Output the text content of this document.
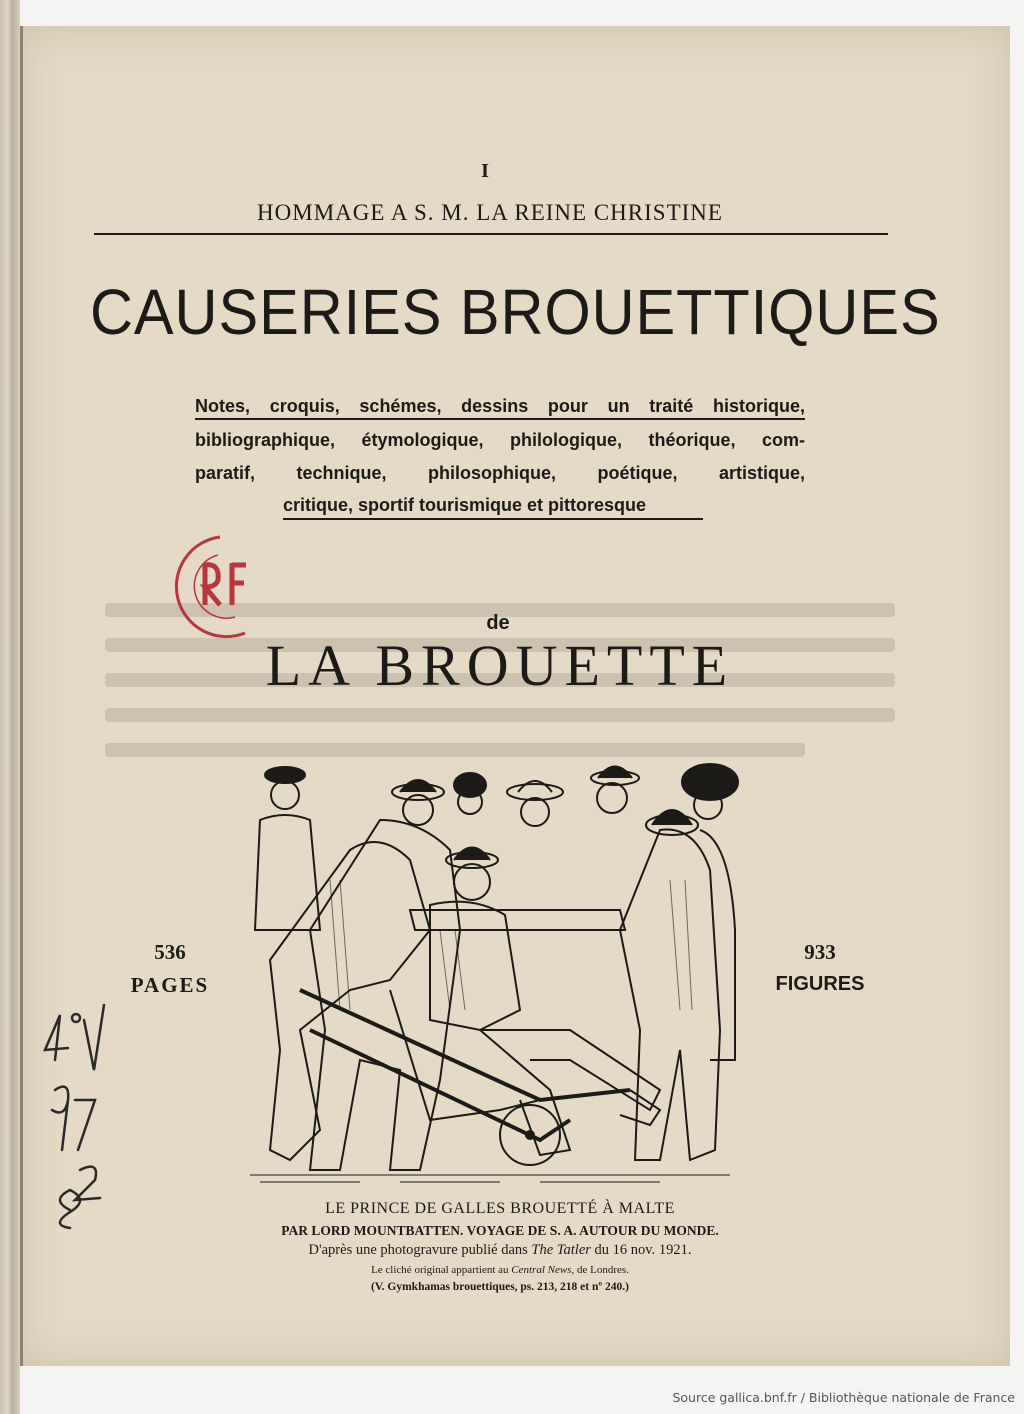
I
HOMMAGE A S. M. LA REINE CHRISTINE
CAUSERIES BROUETTIQUES
Notes, croquis, schémes, dessins pour un traité historique,
bibliographique, étymologique, philologique, théorique, com-
paratif, technique, philosophique, poétique, artistique,
critique, sportif tourismique et pittoresque
de
LA BROUETTE
536
PAGES
933
FIGURES
LE PRINCE DE GALLES BROUETTÉ À MALTE
PAR LORD MOUNTBATTEN. VOYAGE DE S. A. AUTOUR DU MONDE.
D'après une photogravure publié dans The Tatler du 16 nov. 1921.
Le cliché original appartient au Central News, de Londres.
(V. Gymkhamas brouettiques, ps. 213, 218 et nº 240.)
Source gallica.bnf.fr / Bibliothèque nationale de France
